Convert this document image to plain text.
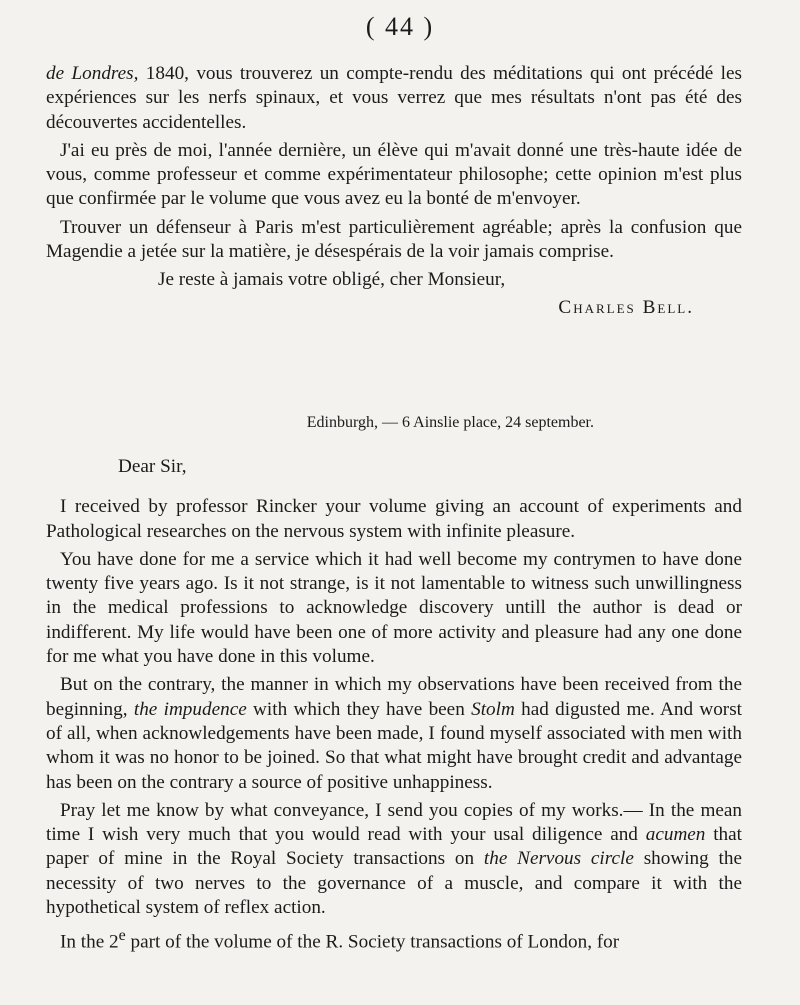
( 44 )

de Londres, 1840, vous trouverez un compte-rendu des méditations qui ont précédé les expériences sur les nerfs spinaux, et vous verrez que mes résultats n'ont pas été des découvertes accidentelles.

J'ai eu près de moi, l'année dernière, un élève qui m'avait donné une très-haute idée de vous, comme professeur et comme expérimentateur philosophe; cette opinion m'est plus que confirmée par le volume que vous avez eu la bonté de m'envoyer.

Trouver un défenseur à Paris m'est particulièrement agréable; après la confusion que Magendie a jetée sur la matière, je désespérais de la voir jamais comprise.

Je reste à jamais votre obligé, cher Monsieur,
Charles Bell.
Edinburgh, — 6 Ainslie place, 24 september.
Dear Sir,

I received by professor Rincker your volume giving an account of experiments and Pathological researches on the nervous system with infinite pleasure.

You have done for me a service which it had well become my contrymen to have done twenty five years ago. Is it not strange, is it not lamentable to witness such unwillingness in the medical professions to acknowledge discovery untill the author is dead or indifferent. My life would have been one of more activity and pleasure had any one done for me what you have done in this volume.

But on the contrary, the manner in which my observations have been received from the beginning, the impudence with which they have been Stolm had digusted me. And worst of all, when acknowledgements have been made, I found myself associated with men with whom it was no honor to be joined. So that what might have brought credit and advantage has been on the contrary a source of positive unhappiness.

Pray let me know by what conveyance, I send you copies of my works.— In the mean time I wish very much that you would read with your usal diligence and acumen that paper of mine in the Royal Society transactions on the Nervous circle showing the necessity of two nerves to the governance of a muscle, and compare it with the hypothetical system of reflex action.

In the 2e part of the volume of the R. Society transactions of London, for
